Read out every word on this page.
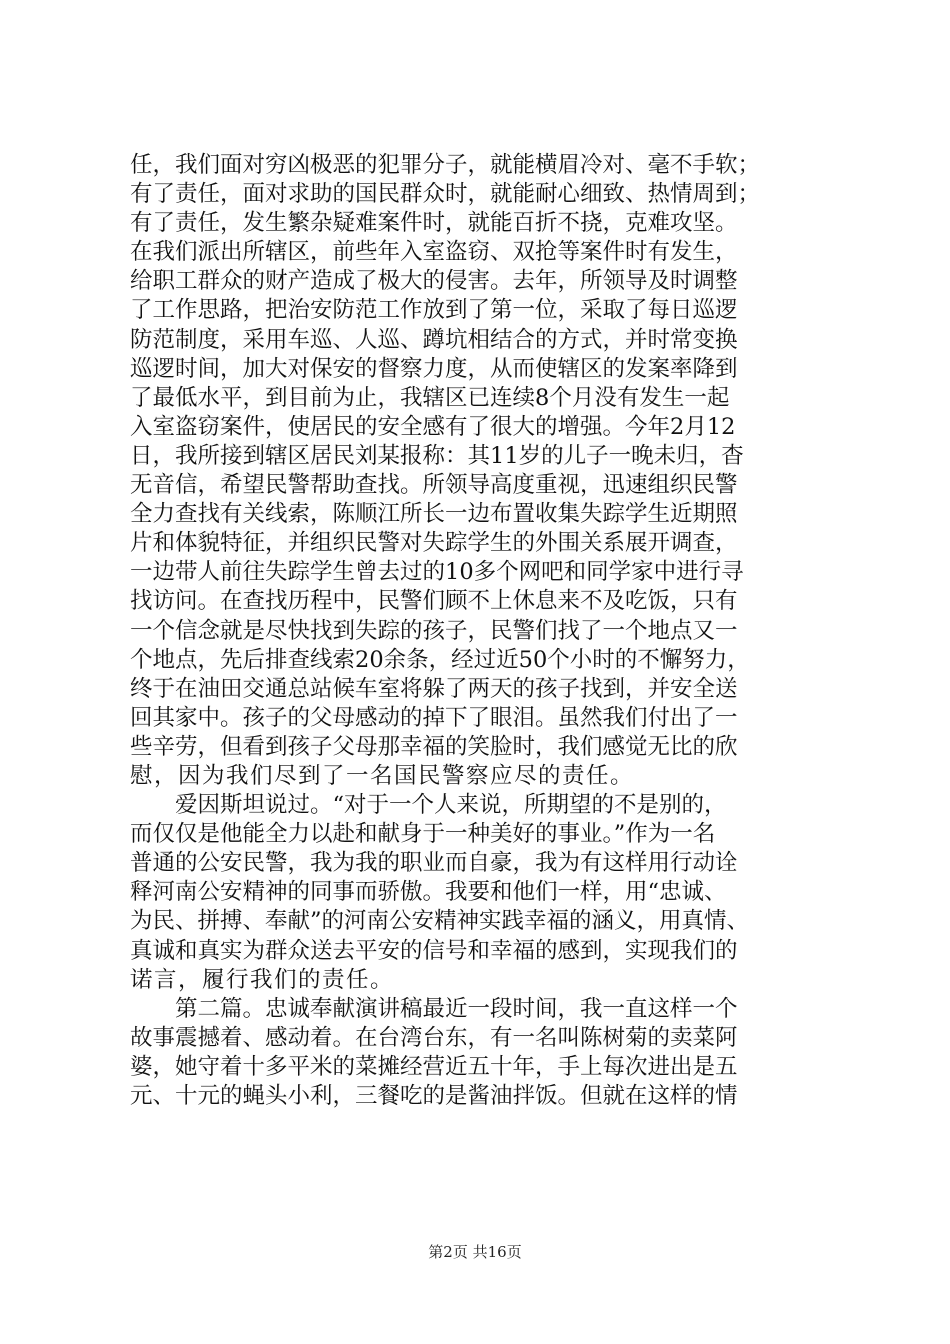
任，我们面对穷凶极恶的犯罪分子，就能横眉冷对、毫不手软；
有了责任，面对求助的国民群众时，就能耐心细致、热情周到；
有了责任，发生繁杂疑难案件时，就能百折不挠，克难攻坚。
在我们派出所辖区，前些年入室盗窃、双抢等案件时有发生，
给职工群众的财产造成了极大的侵害。去年，所领导及时调整
了工作思路，把治安防范工作放到了第一位，采取了每日巡逻
防范制度，采用车巡、人巡、蹲坑相结合的方式，并时常变换
巡逻时间，加大对保安的督察力度，从而使辖区的发案率降到
了最低水平，到目前为止，我辖区已连续8个月没有发生一起
入室盗窃案件，使居民的安全感有了很大的增强。今年2月12
日，我所接到辖区居民刘某报称：其11岁的儿子一晚未归，杳
无音信，希望民警帮助查找。所领导高度重视，迅速组织民警
全力查找有关线索，陈顺江所长一边布置收集失踪学生近期照
片和体貌特征，并组织民警对失踪学生的外围关系展开调查，
一边带人前往失踪学生曾去过的10多个网吧和同学家中进行寻
找访问。在查找历程中，民警们顾不上休息来不及吃饭，只有
一个信念就是尽快找到失踪的孩子，民警们找了一个地点又一
个地点，先后排查线索20余条，经过近50个小时的不懈努力，
终于在油田交通总站候车室将躲了两天的孩子找到，并安全送
回其家中。孩子的父母感动的掉下了眼泪。虽然我们付出了一
些辛劳，但看到孩子父母那幸福的笑脸时，我们感觉无比的欣
慰，因为我们尽到了一名国民警察应尽的责任。
　　爱因斯坦说过。“对于一个人来说，所期望的不是别的，
而仅仅是他能全力以赴和献身于一种美好的事业。”作为一名
普通的公安民警，我为我的职业而自豪，我为有这样用行动诠
释河南公安精神的同事而骄傲。我要和他们一样，用“忠诚、
为民、拼搏、奉献”的河南公安精神实践幸福的涵义，用真情、
真诚和真实为群众送去平安的信号和幸福的感到，实现我们的
诺言，履行我们的责任。
　　第二篇。忠诚奉献演讲稿最近一段时间，我一直这样一个
故事震撼着、感动着。在台湾台东，有一名叫陈树菊的卖菜阿
婆，她守着十多平米的菜摊经营近五十年，手上每次进出是五
元、十元的蝇头小利，三餐吃的是酱油拌饭。但就在这样的情
第2页 共16页
